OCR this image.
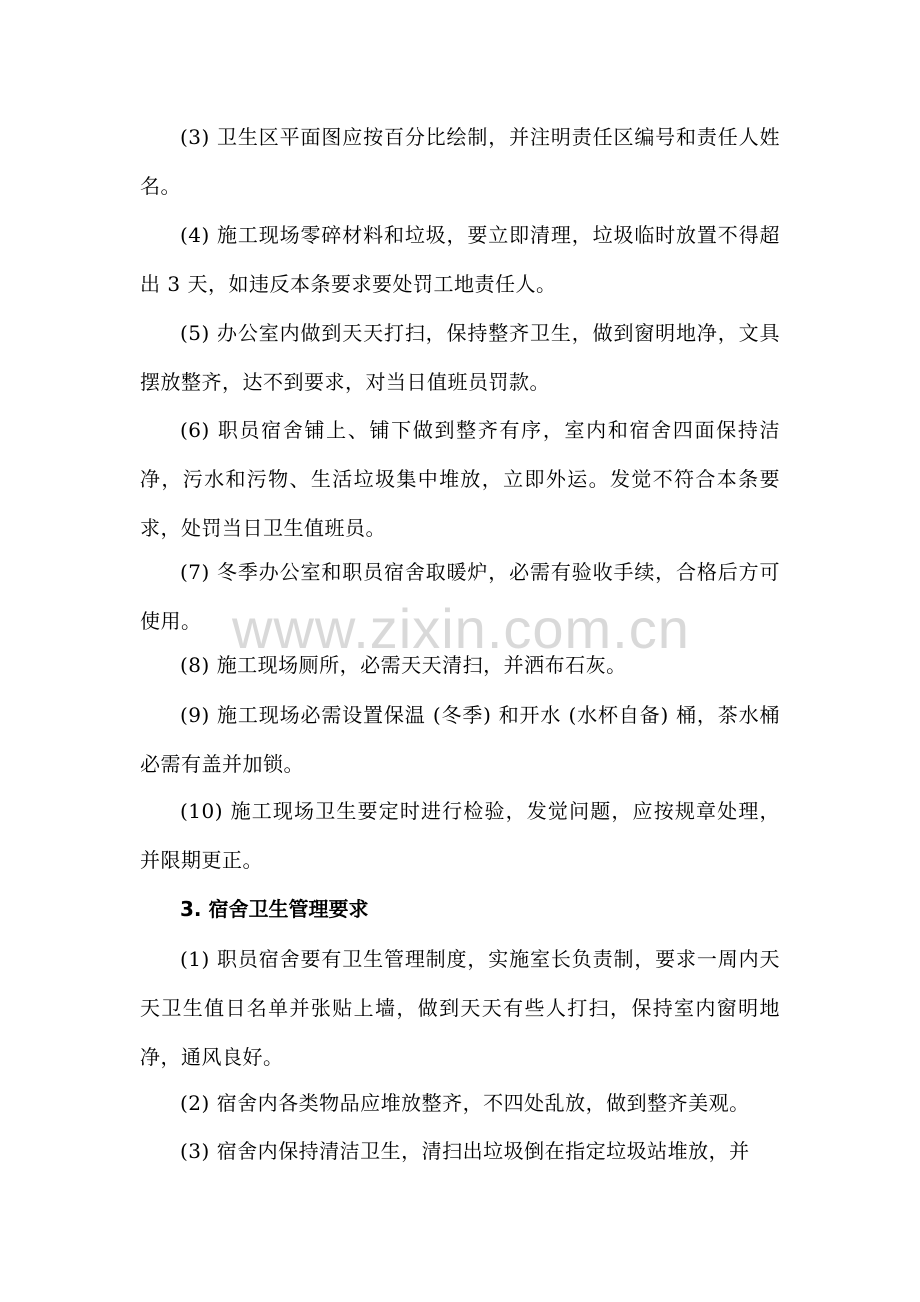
(3) 卫生区平面图应按百分比绘制，并注明责任区编号和责任人姓名。

(4) 施工现场零碎材料和垃圾，要立即清理，垃圾临时放置不得超出 3 天，如违反本条要求要处罚工地责任人。

(5) 办公室内做到天天打扫，保持整齐卫生，做到窗明地净，文具摆放整齐，达不到要求，对当日值班员罚款。

(6) 职员宿舍铺上、铺下做到整齐有序，室内和宿舍四面保持洁净，污水和污物、生活垃圾集中堆放，立即外运。发觉不符合本条要求，处罚当日卫生值班员。

(7) 冬季办公室和职员宿舍取暖炉，必需有验收手续，合格后方可使用。

(8) 施工现场厕所，必需天天清扫，并洒布石灰。

(9) 施工现场必需设置保温 (冬季) 和开水 (水杯自备) 桶，茶水桶必需有盖并加锁。

(10) 施工现场卫生要定时进行检验，发觉问题，应按规章处理，并限期更正。

3. 宿舍卫生管理要求

(1) 职员宿舍要有卫生管理制度，实施室长负责制，要求一周内天天卫生值日名单并张贴上墙，做到天天有些人打扫，保持室内窗明地净，通风良好。

(2) 宿舍内各类物品应堆放整齐，不四处乱放，做到整齐美观。

(3) 宿舍内保持清洁卫生，清扫出垃圾倒在指定垃圾站堆放，并

www.zixin.com.cn
